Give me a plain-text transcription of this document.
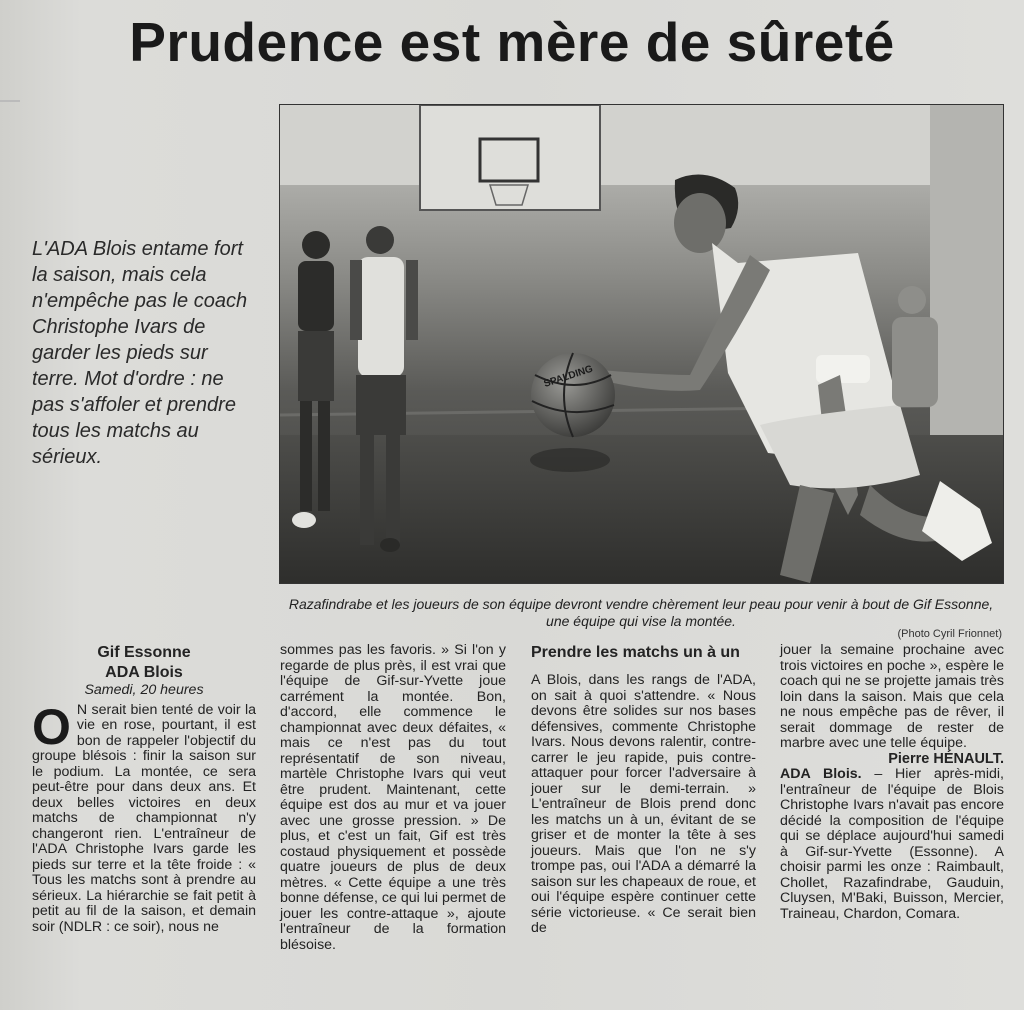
Prudence est mère de sûreté

L'ADA Blois entame fort la saison, mais cela n'empêche pas le coach Christophe Ivars de garder les pieds sur terre. Mot d'ordre : ne pas s'affoler et prendre tous les matchs au sérieux.

SPALDING

Razafindrabe et les joueurs de son équipe devront vendre chèrement leur peau pour venir à bout de Gif Essonne, une équipe qui vise la montée.

(Photo Cyril Frionnet)
Gif Essonne
ADA Blois
Samedi, 20 heures

O N serait bien tenté de voir la vie en rose, pourtant, il est bon de rappeler l'objectif du groupe blésois : finir la saison sur le podium. La montée, ce sera peut-être pour dans deux ans. Et deux belles victoires en deux matchs de championnat n'y changeront rien. L'entraîneur de l'ADA Christophe Ivars garde les pieds sur terre et la tête froide : « Tous les matchs sont à prendre au sérieux. La hiérarchie se fait petit à petit au fil de la saison, et demain soir (NDLR : ce soir), nous ne

sommes pas les favoris. » Si l'on y regarde de plus près, il est vrai que l'équipe de Gif-sur-Yvette joue carrément la montée. Bon, d'accord, elle commence le championnat avec deux défaites, « mais ce n'est pas du tout représentatif de son niveau, martèle Christophe Ivars qui veut être prudent. Maintenant, cette équipe est dos au mur et va jouer avec une grosse pression. » De plus, et c'est un fait, Gif est très costaud physiquement et possède quatre joueurs de plus de deux mètres. « Cette équipe a une très bonne défense, ce qui lui permet de jouer les contre-attaque », ajoute l'entraîneur de la formation blésoise.

Prendre les matchs un à un

A Blois, dans les rangs de l'ADA, on sait à quoi s'attendre. « Nous devons être solides sur nos bases défensives, commente Christophe Ivars. Nous devons ralentir, contre-carrer le jeu rapide, puis contre-attaquer pour forcer l'adversaire à jouer sur le demi-terrain. » L'entraîneur de Blois prend donc les matchs un à un, évitant de se griser et de monter la tête à ses joueurs. Mais que l'on ne s'y trompe pas, oui l'ADA a démarré la saison sur les chapeaux de roue, et oui l'équipe espère continuer cette série victorieuse. « Ce serait bien de

jouer la semaine prochaine avec trois victoires en poche », espère le coach qui ne se projette jamais très loin dans la saison. Mais que cela ne nous empêche pas de rêver, il serait dommage de rester de marbre avec une telle équipe.

Pierre HÉNAULT.

ADA Blois. – Hier après-midi, l'entraîneur de l'équipe de Blois Christophe Ivars n'avait pas encore décidé la composition de l'équipe qui se déplace aujourd'hui samedi à Gif-sur-Yvette (Essonne). A choisir parmi les onze : Raimbault, Chollet, Razafindrabe, Gauduin, Cluysen, M'Baki, Buisson, Mercier, Traineau, Chardon, Comara.
